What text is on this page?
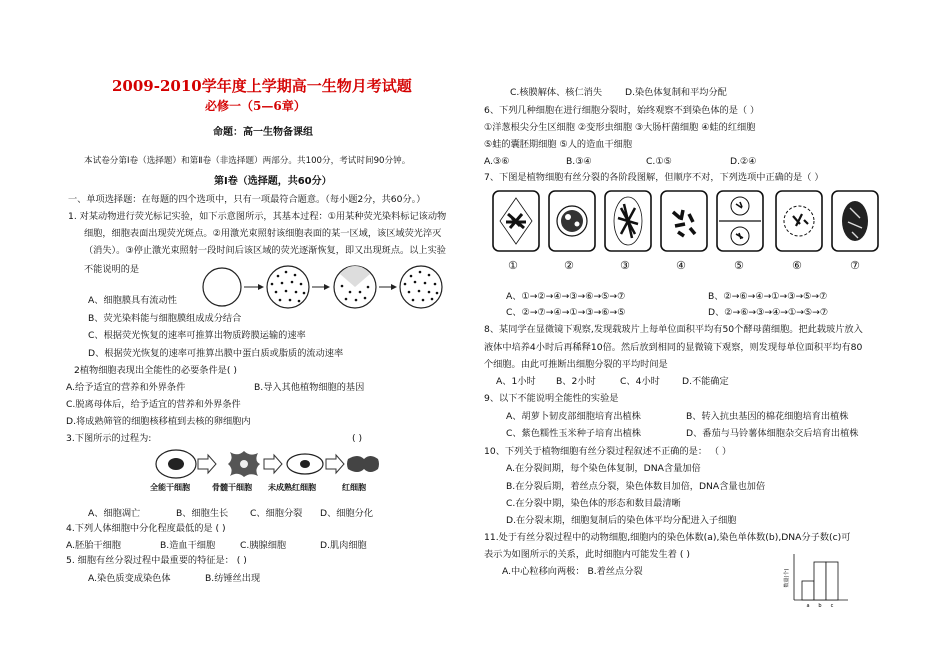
2009-2010学年度上学期高一生物月考试题
必修一（5—6章）
命题：高一生物备课组
本试卷分第Ⅰ卷（选择题）和第Ⅱ卷（非选择题）两部分。共100分，考试时间90分钟。
第Ⅰ卷（选择题，共60分）
一、单项选择题：在每题的四个选项中，只有一项最符合题意。（每小题2分，共60分。）
1. 对某动物进行荧光标记实验，如下示意图所示，其基本过程：①用某种荧光染料标记该动物
细胞，细胞表面出现荧光斑点。②用激光束照射该细胞表面的某一区域，该区域荧光淬灭
（消失）。③停止激光束照射一段时间后该区域的荧光逐渐恢复，即又出现斑点。以上实验
不能说明的是
A、细胞膜具有流动性
B、荧光染料能与细胞膜组成成分结合
C、根据荧光恢复的速率可推算出物质跨膜运输的速率
D、根据荧光恢复的速率可推算出膜中蛋白质或脂质的流动速率
2植物细胞表现出全能性的必要条件是( )
A.给予适宜的营养和外界条件	B.导入其他植物细胞的基因
C.脱离母体后，给予适宜的营养和外界条件
D.将成熟筛管的细胞核移植到去核的卵细胞内
3.下图所示的过程为:	( )
全能干细胞	骨髓干细胞 未成熟红细胞	红细胞
A、细胞凋亡	B、细胞生长 C、细胞分裂 D、细胞分化
4.下列人体细胞中分化程度最低的是 ( )
A.胚胎干细胞	B.造血干细胞	C.胰腺细胞	D.肌肉细胞
5. 细胞有丝分裂过程中最重要的特征是： ( )
A.染色质变成染色体	B.纺锤丝出现
C.核膜解体、核仁消失 D.染色体复制和平均分配
6、下列几种细胞在进行细胞分裂时，始终观察不到染色体的是（ ）
①洋葱根尖分生区细胞 ②变形虫细胞 ③大肠杆菌细胞 ④蛙的红细胞
⑤蛙的囊胚期细胞 ⑤人的造血干细胞
A.③⑥	B.③④	C.①⑤	D.②④
7、下图是植物细胞有丝分裂的各阶段图解，但顺序不对，下列选项中正确的是（ ）
①	②	③	④	⑤	⑥	⑦
A、①→②→④→③→⑥→⑤→⑦	B、②→⑥→④→①→③→⑤→⑦
C、②→⑦→④→①→③→⑥→⑤	D、②→⑥→③→④→①→⑤→⑦
8、某同学在显微镜下观察,发现载玻片上每单位面积平均有50个酵母菌细胞。把此载玻片放入
液体中培养4小时后再稀释10倍。然后放到相同的显微镜下观察，则发现每单位面积平均有80
个细胞。由此可推断出细胞分裂的平均时间是
A、1小时 B、2小时	C、4小时 D.不能确定
9、以下不能说明全能性的实验是
A、胡萝卜韧皮部细胞培育出植株	B、转入抗虫基因的棉花细胞培育出植株
C、紫色糯性玉米种子培育出植株	D、番茄与马铃薯体细胞杂交后培育出植株
10、下列关于植物细胞有丝分裂过程叙述不正确的是： （ ）
A.在分裂间期，每个染色体复制，DNA含量加倍
B.在分裂后期，着丝点分裂，染色体数目加倍，DNA含量也加倍
C.在分裂中期，染色体的形态和数目最清晰
D.在分裂末期，细胞复制后的染色体平均分配进入子细胞
11.处于有丝分裂过程中的动物细胞,细胞内的染色体数(a),染色单体数(b),DNA分子数(c)可
表示为如图所示的关系，此时细胞内可能发生着 ( )
A.中心粒移向两极： B.着丝点分裂	数量(个)
a b c
